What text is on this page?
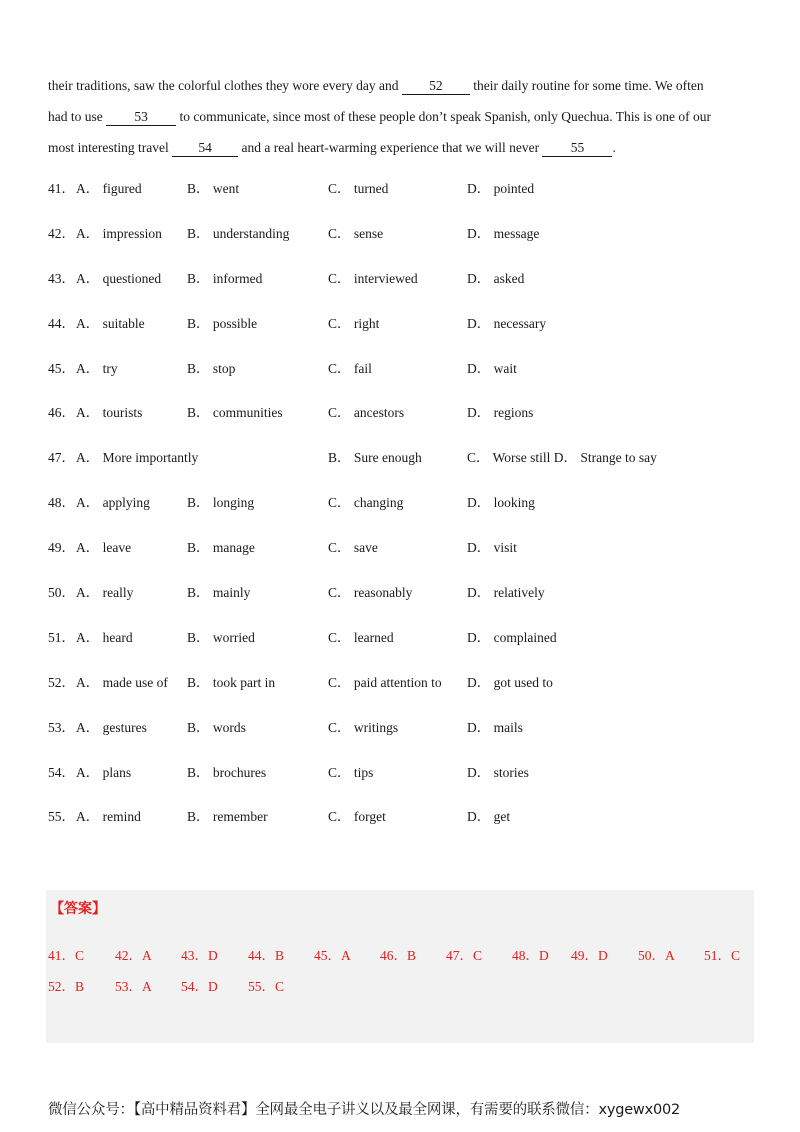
their traditions, saw the colorful clothes they wore every day and 52 their daily routine for some time. We often
had to use 53 to communicate, since most of these people don’t speak Spanish, only Quechua. This is one of our
most interesting travel 54 and a real heart-warming experience that we will never 55 .
41． A． figured	B． went	C． turned	D． pointed
42． A． impression B． understanding	C． sense	D． message
43． A． questioned B． informed	C． interviewed	D． asked
44． A． suitable	B． possible	C． right	D． necessary
45． A． try	B． stop	C． fail	D． wait
46． A． tourists	B． communities	C． ancestors	D． regions
47． A． More importantly	B． Sure enough	C． Worse still D． Strange to say
48． A． applying	B． longing	C． changing	D． looking
49． A． leave	B． manage	C． save	D． visit
50． A． really	B． mainly	C． reasonably	D． relatively
51． A． heard	B． worried	C． learned	D． complained
52． A． made use of B． took part in	C． paid attention to D． got used to
53． A． gestures	B． words	C． writings	D． mails
54． A． plans	B． brochures	C． tips	D． stories
55． A． remind	B． remember	C． forget	D． get
【答案】
41．C 42．A 43．D 44．B 45．A 46．B 47．C 48．D 49．D 50．A 51．C
52．B 53．A 54．D 55．C
微信公众号：【高中精品资料君】全网最全电子讲义以及最全网课，有需要的联系微信：xygewx002
